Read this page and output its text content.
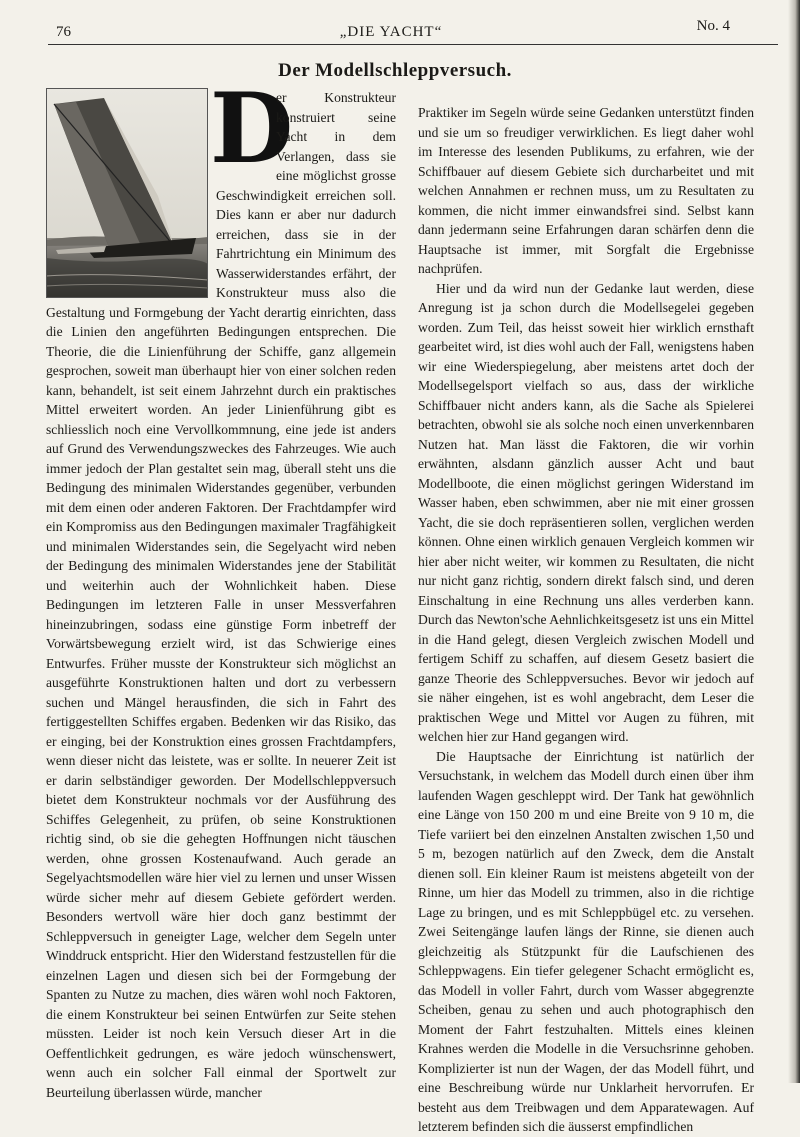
76	„DIE YACHT“	No. 4
Der Modellschleppversuch.
D

er Konstrukteur konstruiert seine Yacht in dem Verlangen, dass sie eine möglichst grosse Geschwindigkeit erreichen soll. Dies kann er aber nur dadurch erreichen, dass sie in der Fahrtrichtung ein Minimum des Wasserwiderstandes erfährt, der Konstrukteur muss also die Gestaltung und Formgebung der Yacht derartig einrichten, dass die Linien den angeführten Bedingungen entsprechen. Die Theorie, die die Linienführung der Schiffe, ganz allgemein gesprochen, soweit man überhaupt hier von einer solchen reden kann, behandelt, ist seit einem Jahrzehnt durch ein praktisches Mittel erweitert worden. An jeder Linienführung gibt es schliesslich noch eine Vervollkommnung, eine jede ist anders auf Grund des Verwendungszweckes des Fahrzeuges. Wie auch immer jedoch der Plan gestaltet sein mag, überall steht uns die Bedingung des minimalen Widerstandes gegenüber, verbunden mit dem einen oder anderen Faktoren. Der Frachtdampfer wird ein Kompromiss aus den Bedingungen maximaler Tragfähigkeit und minimalen Widerstandes sein, die Segelyacht wird neben der Bedingung des minimalen Widerstandes jene der Stabilität und weiterhin auch der Wohnlichkeit haben. Diese Bedingungen im letzteren Falle in unser Messverfahren hineinzubringen, sodass eine günstige Form inbetreff der Vorwärtsbewegung erzielt wird, ist das Schwierige eines Entwurfes. Früher musste der Konstrukteur sich möglichst an ausgeführte Konstruktionen halten und dort zu verbessern suchen und Mängel herausfinden, die sich in Fahrt des fertiggestellten Schiffes ergaben. Bedenken wir das Risiko, das er einging, bei der Konstruktion eines grossen Frachtdampfers, wenn dieser nicht das leistete, was er sollte. In neuerer Zeit ist er darin selbständiger geworden. Der Modellschleppversuch bietet dem Konstrukteur nochmals vor der Ausführung des Schiffes Gelegenheit, zu prüfen, ob seine Konstruktionen richtig sind, ob sie die gehegten Hoffnungen nicht täuschen werden, ohne grossen Kostenaufwand. Auch gerade an Segelyachtsmodellen wäre hier viel zu lernen und unser Wissen würde sicher mehr auf diesem Gebiete gefördert werden. Besonders wertvoll wäre hier doch ganz bestimmt der Schleppversuch in geneigter Lage, welcher dem Segeln unter Winddruck entspricht. Hier den Widerstand festzustellen für die einzelnen Lagen und diesen sich bei der Formgebung der Spanten zu Nutze zu machen, dies wären wohl noch Faktoren, die einem Konstrukteur bei seinen Entwürfen zur Seite stehen müssten. Leider ist noch kein Versuch dieser Art in die Oeffentlichkeit gedrungen, es wäre jedoch wünschenswert, wenn auch ein solcher Fall einmal der Sportwelt zur Beurteilung überlassen würde, mancher

Praktiker im Segeln würde seine Gedanken unterstützt finden und sie um so freudiger verwirklichen. Es liegt daher wohl im Interesse des lesenden Publikums, zu erfahren, wie der Schiffbauer auf diesem Gebiete sich durcharbeitet und mit welchen Annahmen er rechnen muss, um zu Resultaten zu kommen, die nicht immer einwandsfrei sind. Selbst kann dann jedermann seine Erfahrungen daran schärfen denn die Hauptsache ist immer, mit Sorgfalt die Ergebnisse nachprüfen.

Hier und da wird nun der Gedanke laut werden, diese Anregung ist ja schon durch die Modellsegelei gegeben worden. Zum Teil, das heisst soweit hier wirklich ernsthaft gearbeitet wird, ist dies wohl auch der Fall, wenigstens haben wir eine Wiederspiegelung, aber meistens artet doch der Modellsegelsport vielfach so aus, dass der wirkliche Schiffbauer nicht anders kann, als die Sache als Spielerei betrachten, obwohl sie als solche noch einen unverkennbaren Nutzen hat. Man lässt die Faktoren, die wir vorhin erwähnten, alsdann gänzlich ausser Acht und baut Modellboote, die einen möglichst geringen Widerstand im Wasser haben, eben schwimmen, aber nie mit einer grossen Yacht, die sie doch repräsentieren sollen, verglichen werden können. Ohne einen wirklich genauen Vergleich kommen wir hier aber nicht weiter, wir kommen zu Resultaten, die nicht nur nicht ganz richtig, sondern direkt falsch sind, und deren Einschaltung in eine Rechnung uns alles verderben kann. Durch das Newton'sche Aehnlichkeitsgesetz ist uns ein Mittel in die Hand gelegt, diesen Vergleich zwischen Modell und fertigem Schiff zu schaffen, auf diesem Gesetz basiert die ganze Theorie des Schleppversuches. Bevor wir jedoch auf sie näher eingehen, ist es wohl angebracht, dem Leser die praktischen Wege und Mittel vor Augen zu führen, mit welchen hier zur Hand gegangen wird.

Die Hauptsache der Einrichtung ist natürlich der Versuchstank, in welchem das Modell durch einen über ihm laufenden Wagen geschleppt wird. Der Tank hat gewöhnlich eine Länge von 150 200 m und eine Breite von 9 10 m, die Tiefe variiert bei den einzelnen Anstalten zwischen 1,50 und 5 m, bezogen natürlich auf den Zweck, dem die Anstalt dienen soll. Ein kleiner Raum ist meistens abgeteilt von der Rinne, um hier das Modell zu trimmen, also in die richtige Lage zu bringen, und es mit Schleppbügel etc. zu versehen. Zwei Seitengänge laufen längs der Rinne, sie dienen auch gleichzeitig als Stützpunkt für die Laufschienen des Schleppwagens. Ein tiefer gelegener Schacht ermöglicht es, das Modell in voller Fahrt, durch vom Wasser abgegrenzte Scheiben, genau zu sehen und auch photographisch den Moment der Fahrt festzuhalten. Mittels eines kleinen Krahnes werden die Modelle in die Versuchsrinne gehoben. Komplizierter ist nun der Wagen, der das Modell führt, und eine Beschreibung würde nur Unklarheit hervorrufen. Er besteht aus dem Treibwagen und dem Apparatewagen. Auf letzterem befinden sich die äusserst empfindlichen
